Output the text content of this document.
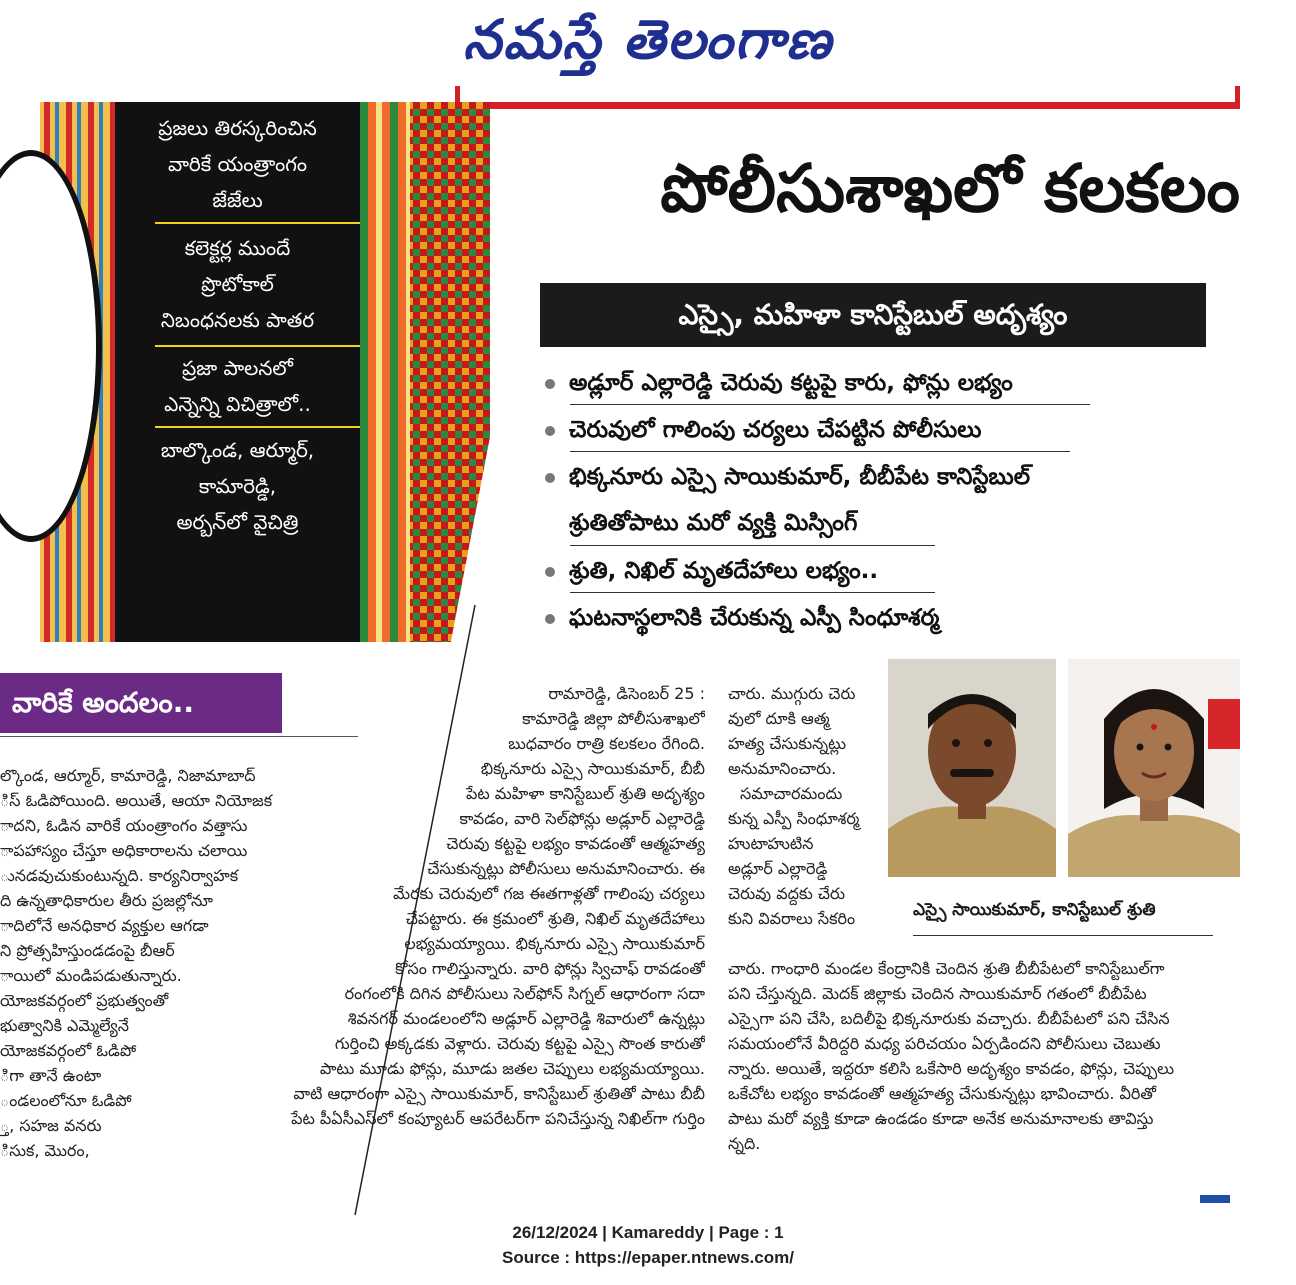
నమస్తే తెలంగాణ
ప్రజలు తిరస్కరించిన
వారికే యంత్రాంగం
జేజేలు
కలెక్టర్ల ముందే
ప్రొటోకాల్
నిబంధనలకు పాతర
ప్రజా పాలనలో
ఎన్నెన్ని విచిత్రాలో..
బాల్కొండ, ఆర్మూర్,
కామారెడ్డి,
అర్బన్‌లో వైచిత్రి
పోలీసుశాఖలో కలకలం
ఎస్సై, మహిళా కానిస్టేబుల్ అదృశ్యం
అడ్లూర్ ఎల్లారెడ్డి చెరువు కట్టపై కారు, ఫోన్లు లభ్యం
చెరువులో గాలింపు చర్యలు చేపట్టిన పోలీసులు
భిక్కనూరు ఎస్సై సాయికుమార్, బీబీపేట కానిస్టేబుల్
శ్రుతితోపాటు మరో వ్యక్తి మిస్సింగ్
శ్రుతి, నిఖిల్ మృతదేహాలు లభ్యం..
ఘటనాస్థలానికి చేరుకున్న ఎస్పీ సింధూశర్మ
వారికే అందలం..
ల్కొండ, ఆర్మూర్, కామారెడ్డి, నిజామాబాద్
ిస్ ఓడిపోయింది. అయితే, ఆయా నియోజక
ాదని, ఓడిన వారికే యంత్రాంగం వత్తాసు
ాపహాస్యం చేస్తూ అధికారాలను చలాయి
ునడవుచుకుంటున్నది. కార్యనిర్వాహక
ది ఉన్నతాధికారుల తీరు ప్రజల్లోనూ
ాదిలోనే అనధికార వ్యక్తుల ఆగడా
ని ప్రోత్సహిస్తుండడంపై బీఆర్
ాయిలో మండిపడుతున్నారు.
యోజకవర్గంలో ప్రభుత్వంతో
భుత్వానికి ఎమ్మెల్యేనే
యోజకవర్గంలో ఓడిపో
ిగా తానే ఉంటా
ండలంలోనూ ఓడిపో
్త, సహజ వనరు
ిసుక, మొరం,
రామారెడ్డి, డిసెంబర్ 25 :
కామారెడ్డి జిల్లా పోలీసుశాఖలో
బుధవారం రాత్రి కలకలం రేగింది.
భిక్కనూరు ఎస్సై సాయికుమార్, బీబీ
పేట మహిళా కానిస్టేబుల్ శ్రుతి అదృశ్యం
కావడం, వారి సెల్‌ఫోన్లు అడ్లూర్ ఎల్లారెడ్డి
చెరువు కట్టపై లభ్యం కావడంతో ఆత్మహత్య
చేసుకున్నట్లు పోలీసులు అనుమానించారు. ఈ
మేరకు చెరువులో గజ ఈతగాళ్లతో గాలింపు చర్యలు
చేపట్టారు. ఈ క్రమంలో శ్రుతి, నిఖిల్ మృతదేహాలు
లభ్యమయ్యాయి. భిక్కనూరు ఎస్సై సాయికుమార్
కోసం గాలిస్తున్నారు. వారి ఫోన్లు స్విచాఫ్ రావడంతో
రంగంలోకి దిగిన పోలీసులు సెల్‌ఫోన్ సిగ్నల్ ఆధారంగా సదా
శివనగర్ మండలంలోని అడ్లూర్ ఎల్లారెడ్డి శివారులో ఉన్నట్లు
గుర్తించి అక్కడకు వెళ్లారు. చెరువు కట్టపై ఎస్సై సొంత కారుతో
పాటు మూడు ఫోన్లు, మూడు జతల చెప్పులు లభ్యమయ్యాయి.
వాటి ఆధారంగా ఎస్సై సాయికుమార్, కానిస్టేబుల్ శ్రుతితో పాటు బీబీ
పేట పీఏసీఎస్‌లో కంప్యూటర్ ఆపరేటర్‌గా పనిచేస్తున్న నిఖిల్‌గా గుర్తిం
చారు. ముగ్గురు చెరు
వులో దూకి ఆత్మ
హత్య చేసుకున్నట్లు
అనుమానించారు.
సమాచారమందు
కున్న ఎస్పీ సింధూశర్మ
హుటాహుటిన
అడ్లూర్ ఎల్లారెడ్డి
చెరువు వద్దకు చేరు
కుని వివరాలు సేకరిం
చారు. గాంధారి మండల కేంద్రానికి చెందిన శ్రుతి బీబీపేటలో కానిస్టేబుల్‌గా
పని చేస్తున్నది. మెదక్ జిల్లాకు చెందిన సాయికుమార్ గతంలో బీబీపేట
ఎస్సైగా పని చేసి, బదిలీపై భిక్కనూరుకు వచ్చారు. బీబీపేటలో పని చేసిన
సమయంలోనే వీరిద్దరి మధ్య పరిచయం ఏర్పడిందని పోలీసులు చెబుతు
న్నారు. అయితే, ఇద్దరూ కలిసి ఒకేసారి అదృశ్యం కావడం, ఫోన్లు, చెప్పులు
ఒకేచోట లభ్యం కావడంతో ఆత్మహత్య చేసుకున్నట్లు భావించారు. వీరితో
పాటు మరో వ్యక్తి కూడా ఉండడం కూడా అనేక అనుమానాలకు తావిస్తు
న్నది.
ఎస్సై సాయికుమార్, కానిస్టేబుల్ శ్రుతి
26/12/2024 | Kamareddy | Page : 1
Source : https://epaper.ntnews.com/
